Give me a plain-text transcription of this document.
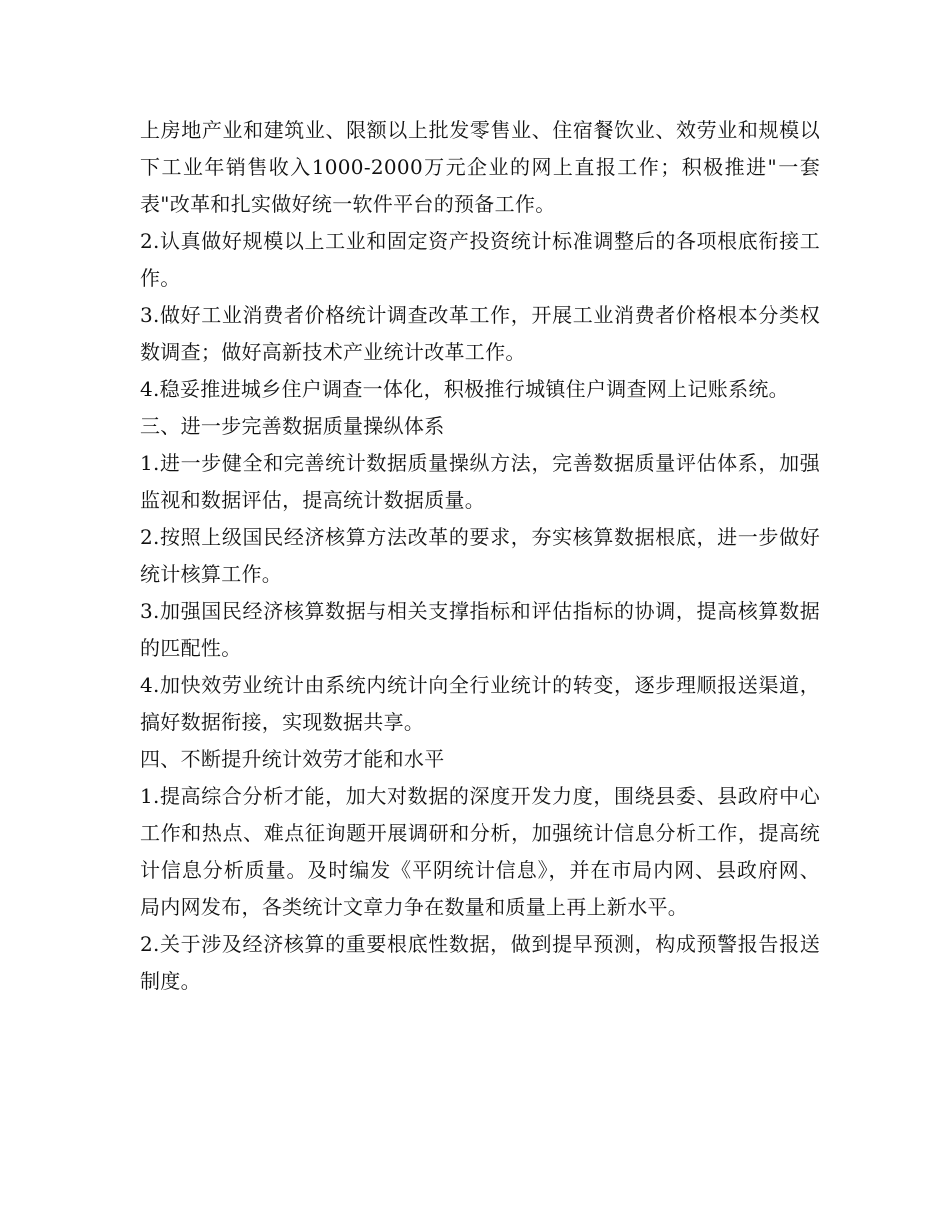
上房地产业和建筑业、限额以上批发零售业、住宿餐饮业、效劳业和规模以下工业年销售收入1000-2000万元企业的网上直报工作；积极推进"一套表"改革和扎实做好统一软件平台的预备工作。

2.认真做好规模以上工业和固定资产投资统计标准调整后的各项根底衔接工作。

3.做好工业消费者价格统计调查改革工作，开展工业消费者价格根本分类权数调查；做好高新技术产业统计改革工作。

4.稳妥推进城乡住户调查一体化，积极推行城镇住户调查网上记账系统。

三、进一步完善数据质量操纵体系

1.进一步健全和完善统计数据质量操纵方法，完善数据质量评估体系，加强监视和数据评估，提高统计数据质量。

2.按照上级国民经济核算方法改革的要求，夯实核算数据根底，进一步做好统计核算工作。

3.加强国民经济核算数据与相关支撑指标和评估指标的协调，提高核算数据的匹配性。

4.加快效劳业统计由系统内统计向全行业统计的转变，逐步理顺报送渠道，搞好数据衔接，实现数据共享。

四、不断提升统计效劳才能和水平

1.提高综合分析才能，加大对数据的深度开发力度，围绕县委、县政府中心工作和热点、难点征询题开展调研和分析，加强统计信息分析工作，提高统计信息分析质量。及时编发《平阴统计信息》，并在市局内网、县政府网、局内网发布，各类统计文章力争在数量和质量上再上新水平。

2.关于涉及经济核算的重要根底性数据，做到提早预测，构成预警报告报送制度。
